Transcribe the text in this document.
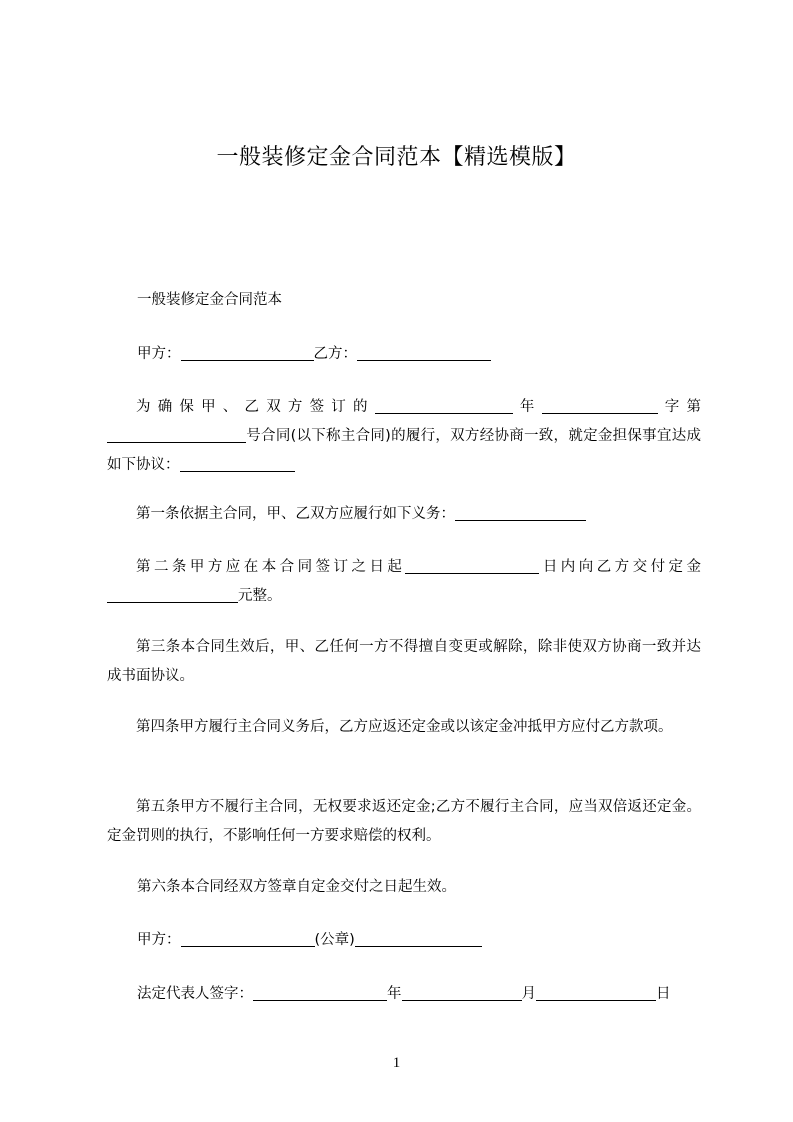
一般装修定金合同范本【精选模版】
一般装修定金合同范本
甲方：	乙方：
为确保甲、乙双方签订的	年	字第号合同(以下称主合同)的履行，双方经协商一致，就定金担保事宜达成如下协议：
第一条依据主合同，甲、乙双方应履行如下义务：
第二条甲方应在本合同签订之日起	日内向乙方交付定金元整。
第三条本合同生效后，甲、乙任何一方不得擅自变更或解除，除非使双方协商一致并达成书面协议。
第四条甲方履行主合同义务后，乙方应返还定金或以该定金冲抵甲方应付乙方款项。
第五条甲方不履行主合同，无权要求返还定金;乙方不履行主合同，应当双倍返还定金。定金罚则的执行，不影响任何一方要求赔偿的权利。
第六条本合同经双方签章自定金交付之日起生效。
甲方：	(公章)
法定代表人签字：	年	月	日
1
